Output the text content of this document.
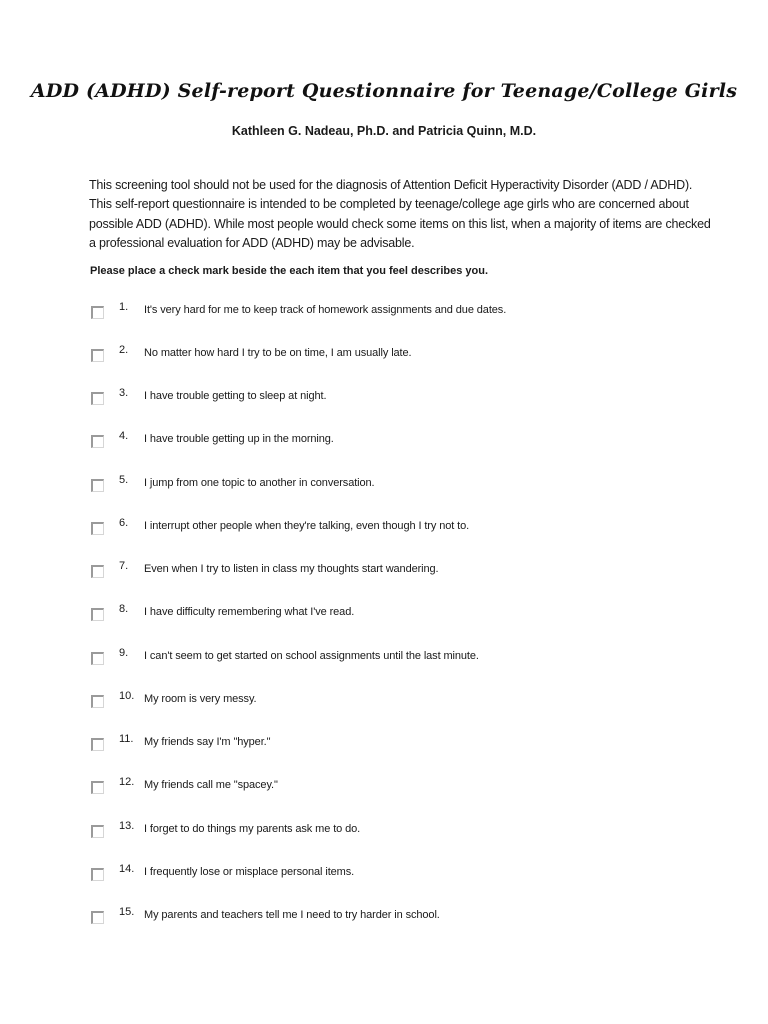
ADD (ADHD) Self-report Questionnaire for Teenage/College Girls
Kathleen G. Nadeau, Ph.D. and Patricia Quinn, M.D.
This screening tool should not be used for the diagnosis of Attention Deficit Hyperactivity Disorder (ADD / ADHD).
This self-report questionnaire is intended to be completed by teenage/college age girls who are concerned about
possible ADD (ADHD). While most people would check some items on this list, when a majority of items are checked
a professional evaluation for ADD (ADHD) may be advisable.
Please place a check mark beside the each item that you feel describes you.
1. It's very hard for me to keep track of homework assignments and due dates.
2. No matter how hard I try to be on time, I am usually late.
3. I have trouble getting to sleep at night.
4. I have trouble getting up in the morning.
5. I jump from one topic to another in conversation.
6. I interrupt other people when they're talking, even though I try not to.
7. Even when I try to listen in class my thoughts start wandering.
8. I have difficulty remembering what I've read.
9. I can't seem to get started on school assignments until the last minute.
10. My room is very messy.
11. My friends say I'm "hyper."
12. My friends call me "spacey."
13. I forget to do things my parents ask me to do.
14. I frequently lose or misplace personal items.
15. My parents and teachers tell me I need to try harder in school.
